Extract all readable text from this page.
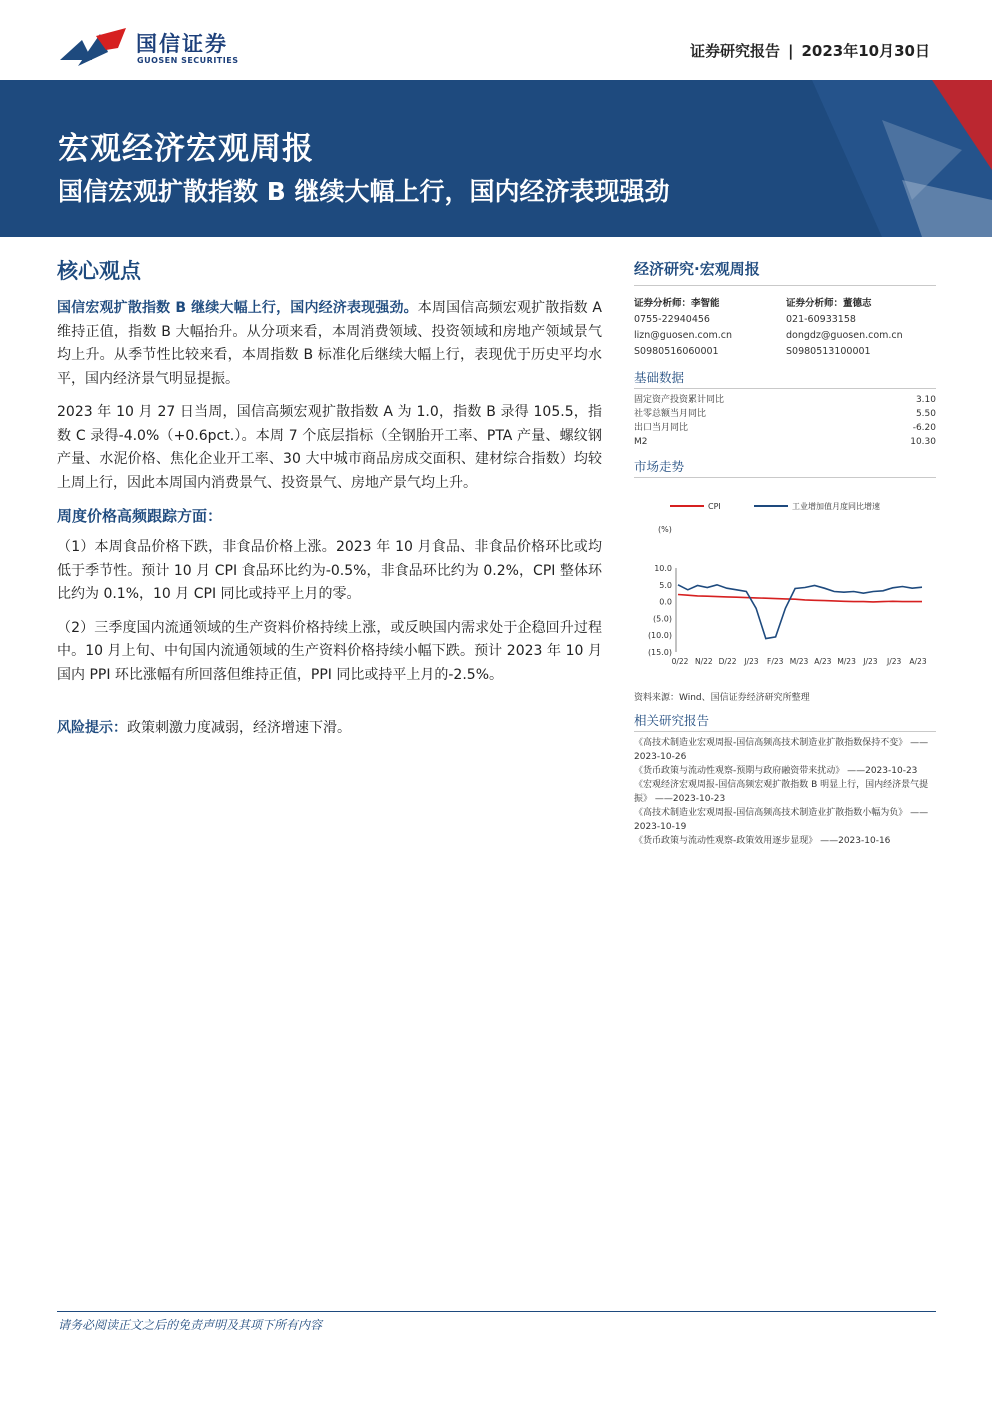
国信证券
GUOSEN SECURITIES
证券研究报告 | 2023年10月30日
宏观经济宏观周报
国信宏观扩散指数 B 继续大幅上行，国内经济表现强劲
核心观点

国信宏观扩散指数 B 继续大幅上行，国内经济表现强劲。本周国信高频宏观扩散指数 A 维持正值，指数 B 大幅抬升。从分项来看，本周消费领域、投资领域和房地产领域景气均上升。从季节性比较来看，本周指数 B 标准化后继续大幅上行，表现优于历史平均水平，国内经济景气明显提振。

2023 年 10 月 27 日当周，国信高频宏观扩散指数 A 为 1.0，指数 B 录得 105.5，指数 C 录得-4.0%（+0.6pct.）。本周 7 个底层指标（全钢胎开工率、PTA 产量、螺纹钢产量、水泥价格、焦化企业开工率、30 大中城市商品房成交面积、建材综合指数）均较上周上行，因此本周国内消费景气、投资景气、房地产景气均上升。

周度价格高频跟踪方面：

（1）本周食品价格下跌，非食品价格上涨。2023 年 10 月食品、非食品价格环比或均低于季节性。预计 10 月 CPI 食品环比约为-0.5%，非食品环比约为 0.2%，CPI 整体环比约为 0.1%，10 月 CPI 同比或持平上月的零。

（2）三季度国内流通领域的生产资料价格持续上涨，或反映国内需求处于企稳回升过程中。10 月上旬、中旬国内流通领域的生产资料价格持续小幅下跌。预计 2023 年 10 月国内 PPI 环比涨幅有所回落但维持正值，PPI 同比或持平上月的-2.5%。

风险提示：政策刺激力度减弱，经济增速下滑。

经济研究·宏观周报
证券分析师：李智能
0755-22940456
lizn@guosen.com.cn
S0980516060001
证券分析师：董德志
021-60933158
dongdz@guosen.com.cn
S0980513100001
基础数据
固定资产投资累计同比	3.10
社零总额当月同比	5.50
出口当月同比	-6.20
M2	10.30
市场走势
CPI	工业增加值月度同比增速
(%)
10.0
5.0
0.0
(5.0)
(10.0)
(15.0)
0/22 N/22 D/22 J/23 F/23 M/23 A/23 M/23 J/23 J/23 A/23
资料来源：Wind、国信证券经济研究所整理
相关研究报告
《高技术制造业宏观周报-国信高频高技术制造业扩散指数保持不变》 ——2023-10-26
《货币政策与流动性观察-预期与政府融资带来扰动》 ——2023-10-23
《宏观经济宏观周报-国信高频宏观扩散指数 B 明显上行，国内经济景气提振》 ——2023-10-23
《高技术制造业宏观周报-国信高频高技术制造业扩散指数小幅为负》 ——2023-10-19
《货币政策与流动性观察-政策效用逐步显现》 ——2023-10-16
请务必阅读正文之后的免责声明及其项下所有内容
